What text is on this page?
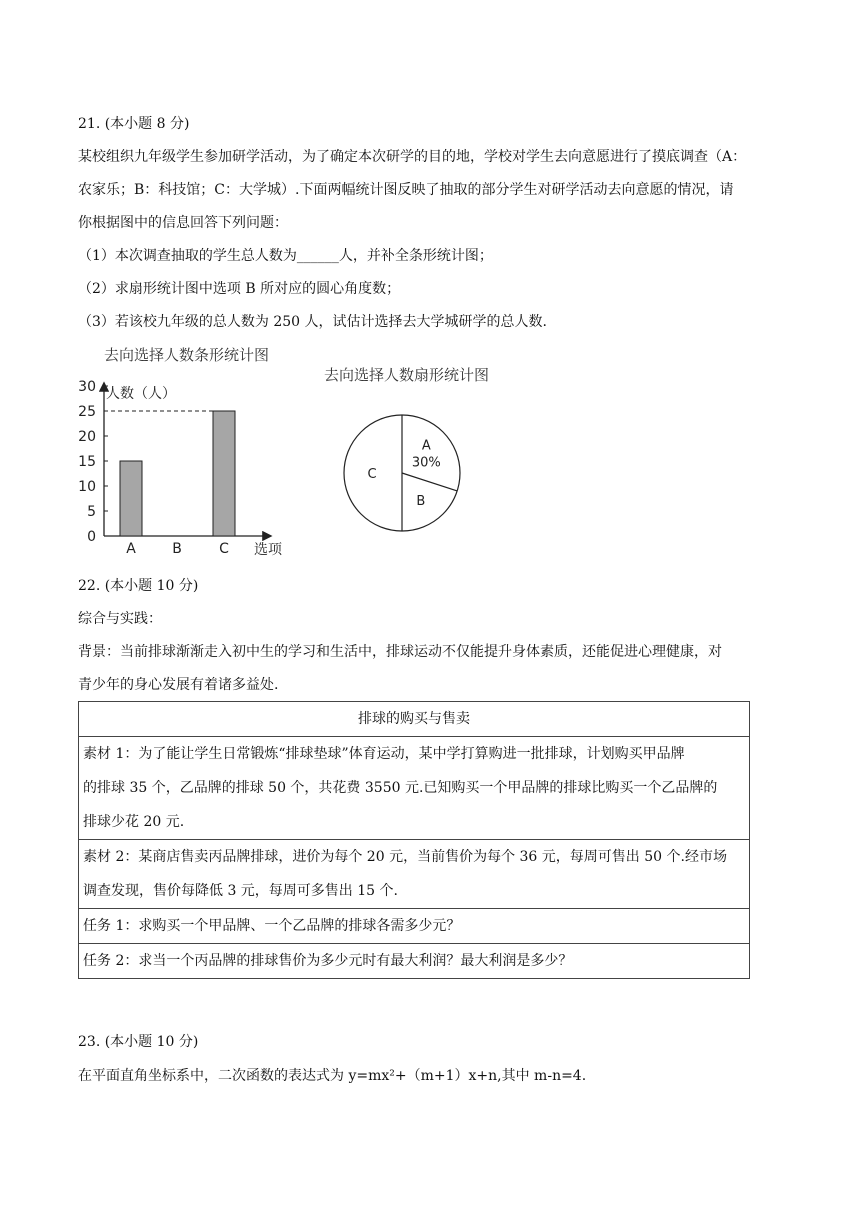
21. (本小题 8 分)
某校组织九年级学生参加研学活动，为了确定本次研学的目的地，学校对学生去向意愿进行了摸底调查（A：
农家乐；B：科技馆；C：大学城）.下面两幅统计图反映了抽取的部分学生对研学活动去向意愿的情况，请
你根据图中的信息回答下列问题：
（1）本次调查抽取的学生总人数为______人，并补全条形统计图；
（2）求扇形统计图中选项 B 所对应的圆心角度数；
（3）若该校九年级的总人数为 250 人，试估计选择去大学城研学的总人数.
去向选择人数条形统计图
人数（人）
0
5
10
15
20
25
30
A	B	C 选项
去向选择人数扇形统计图
A
30%
B
C
22. (本小题 10 分)
综合与实践：
背景：当前排球渐渐走入初中生的学习和生活中，排球运动不仅能提升身体素质，还能促进心理健康，对
青少年的身心发展有着诸多益处.
排球的购买与售卖
素材 1：为了能让学生日常锻炼“排球垫球”体育运动，某中学打算购进一批排球，计划购买甲品牌
的排球 35 个，乙品牌的排球 50 个，共花费 3550 元.已知购买一个甲品牌的排球比购买一个乙品牌的
排球少花 20 元.
素材 2：某商店售卖丙品牌排球，进价为每个 20 元，当前售价为每个 36 元，每周可售出 50 个.经市场
调查发现，售价每降低 3 元，每周可多售出 15 个.
任务 1：求购买一个甲品牌、一个乙品牌的排球各需多少元？
任务 2：求当一个丙品牌的排球售价为多少元时有最大利润？最大利润是多少？
23. (本小题 10 分)
在平面直角坐标系中，二次函数的表达式为 y=mx²+（m+1）x+n,其中 m-n=4.
